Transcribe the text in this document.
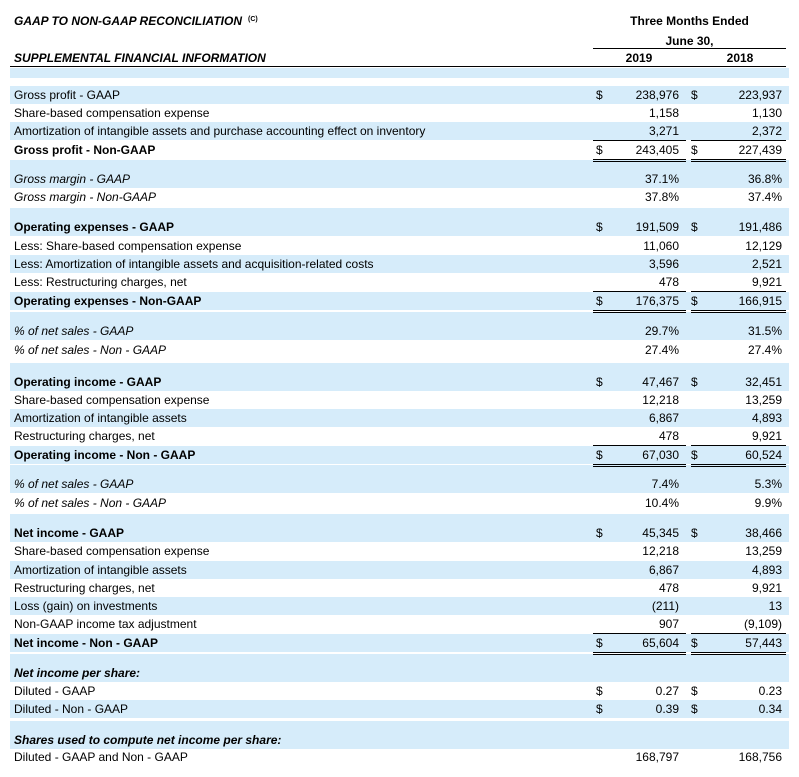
GAAP TO NON-GAAP RECONCILIATION $^{(C)}$	Three Months Ended
June 30,
2019	2018
SUPPLEMENTAL FINANCIAL INFORMATION
Gross profit - GAAP	$	238,976 $	223,937
Share-based compensation expense	1,158	1,130
Amortization of intangible assets and purchase accounting effect on inventory	3,271	2,372
Gross profit - Non-GAAP	$	243,405 $	227,439
Gross margin - GAAP	37.1%	36.8%
Gross margin - Non-GAAP	37.8%	37.4%
Operating expenses - GAAP	$	191,509 $	191,486
Less: Share-based compensation expense	11,060	12,129
Less: Amortization of intangible assets and acquisition-related costs	3,596	2,521
Less: Restructuring charges, net	478	9,921
Operating expenses - Non-GAAP	$	176,375 $	166,915
% of net sales - GAAP	29.7%	31.5%
% of net sales - Non - GAAP	27.4%	27.4%
Operating income - GAAP	$	47,467 $	32,451
Share-based compensation expense	12,218	13,259
Amortization of intangible assets	6,867	4,893
Restructuring charges, net	478	9,921
Operating income - Non - GAAP	$	67,030 $	60,524
% of net sales - GAAP	7.4%	5.3%
% of net sales - Non - GAAP	10.4%	9.9%
Net income - GAAP	$	45,345 $	38,466
Share-based compensation expense	12,218	13,259
Amortization of intangible assets	6,867	4,893
Restructuring charges, net	478	9,921
Loss (gain) on investments	(211)	13
Non-GAAP income tax adjustment	907	(9,109)
Net income - Non - GAAP	$	65,604 $	57,443
Net income per share:
Diluted - GAAP	$	0.27 $	0.23
Diluted - Non - GAAP	$	0.39 $	0.34
Shares used to compute net income per share:
Diluted - GAAP and Non - GAAP	168,797	168,756
